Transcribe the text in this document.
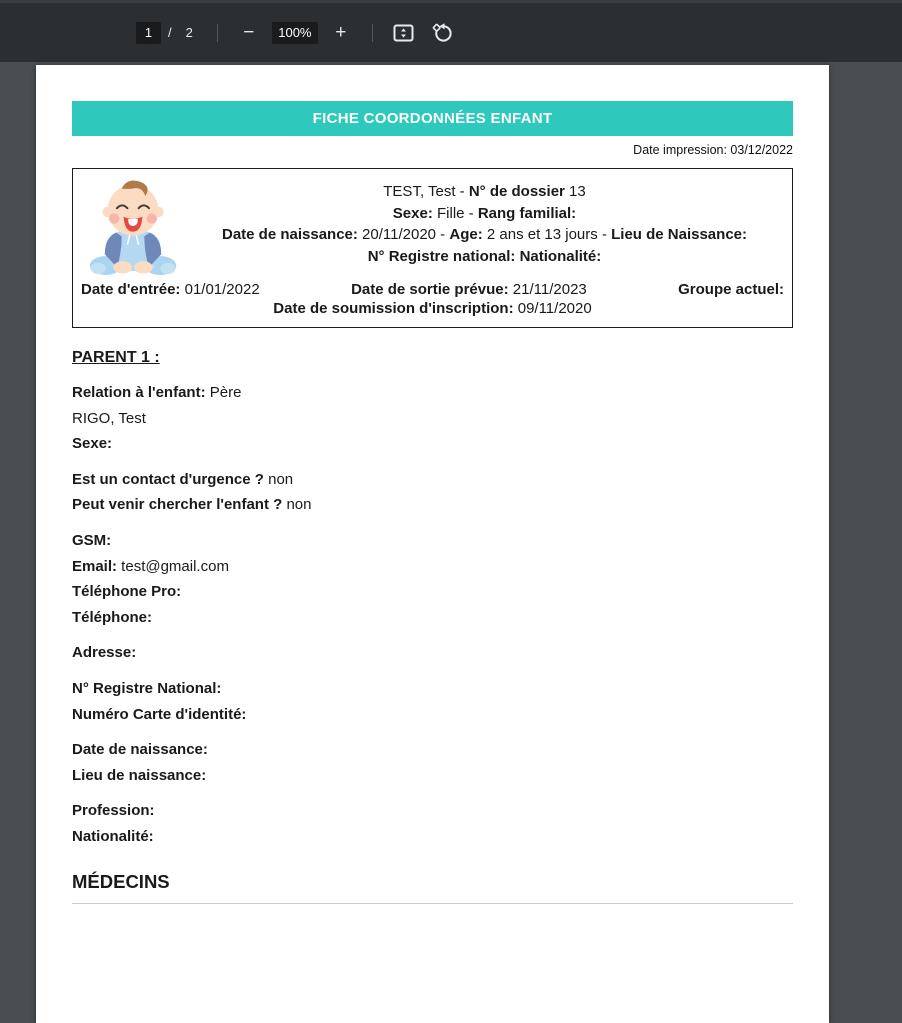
1 / 2	− 100% +
FICHE COORDONNÉES ENFANT
Date impression: 03/12/2022
TEST, Test - N° de dossier 13
Sexe: Fille - Rang familial:
Date de naissance: 20/11/2020 - Age: 2 ans et 13 jours - Lieu de Naissance:
N° Registre national: Nationalité:
Date d'entrée: 01/01/2022	Date de sortie prévue: 21/11/2023	Groupe actuel:
Date de soumission d'inscription: 09/11/2020
PARENT 1 :
Relation à l'enfant: Père
RIGO, Test
Sexe:
Est un contact d'urgence ? non
Peut venir chercher l'enfant ? non
GSM:
Email: test@gmail.com
Téléphone Pro:
Téléphone:
Adresse:
N° Registre National:
Numéro Carte d'identité:
Date de naissance:
Lieu de naissance:
Profession:
Nationalité:
MÉDECINS
